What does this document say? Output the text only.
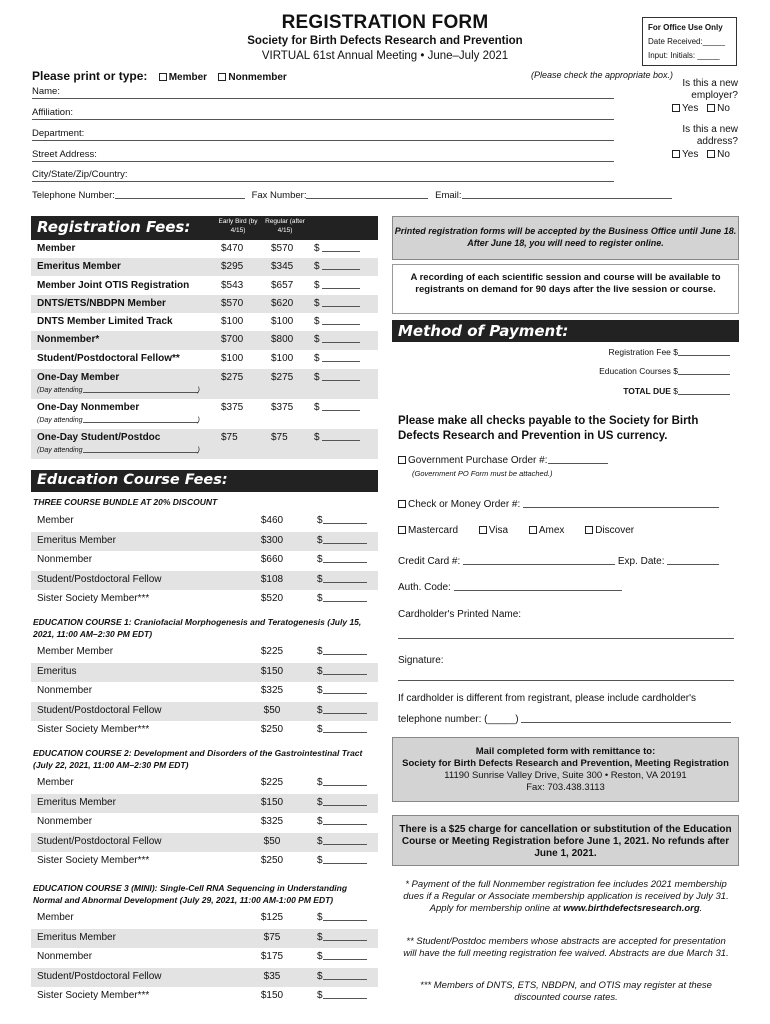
REGISTRATION FORM
Society for Birth Defects Research and Prevention
VIRTUAL 61st Annual Meeting • June–July 2021
For Office Use Only
Date Received:_____
Input: Initials: _____
Please print or type: Member Nonmember	(Please check the appropriate box.)
Name:
Affiliation:
Department:
Street Address:
City/State/Zip/Country:
Telephone Number:	Fax Number:	Email:
Is this a new employer?
Yes No
Is this a new address?
Yes No
Registration Fees:	Early Bird (by 4/15)
Regular (after 4/15)
Member	$470	$570	$
Emeritus Member	$295	$345	$
Member Joint OTIS Registration	$543	$657	$
DNTS/ETS/NBDPN Member	$570	$620	$
DNTS Member Limited Track	$100	$100	$
Nonmember*	$700	$800	$
Student/Postdoctoral Fellow**	$100	$100	$
One-Day Member	$275	$275	$
(Day attending	)
One-Day Nonmember	$375	$375	$
(Day attending	)
One-Day Student/Postdoc	$75	$75	$
(Day attending	)
Education Course Fees:
THREE COURSE BUNDLE AT 20% DISCOUNT
EDUCATION COURSE 1: Craniofacial Morphogenesis and Teratogenesis (July 15, 2021, 11:00 AM–2:30 PM EDT)
EDUCATION COURSE 2: Development and Disorders of the Gastrointestinal Tract (July 22, 2021, 11:00 AM–2:30 PM EDT)
EDUCATION COURSE 3 (MINI): Single-Cell RNA Sequencing in Understanding Normal and Abnormal Development (July 29, 2021, 11:00 AM-1:00 PM EDT)
Member	$460	$
Emeritus Member	$300	$
Nonmember	$660	$
Student/Postdoctoral Fellow	$108	$
Sister Society Member***	$520	$
Member Member	$225	$
Emeritus	$150	$
Nonmember	$325	$
Student/Postdoctoral Fellow	$50	$
Sister Society Member***	$250	$
Member	$225	$
Emeritus Member	$150	$
Nonmember	$325	$
Student/Postdoctoral Fellow	$50	$
Sister Society Member***	$250	$
Member	$125	$
Emeritus Member	$75	$
Nonmember	$175	$
Student/Postdoctoral Fellow	$35	$
Sister Society Member***	$150	$
Printed registration forms will be accepted by the Business Office until June 18. After June 18, you will need to register online.
A recording of each scientific session and course will be available to registrants on demand for 90 days after the live session or course.
Method of Payment:
Registration Fee $
Education Courses $
TOTAL DUE $
Please make all checks payable to the Society for Birth Defects Research and Prevention in US currency.
Government Purchase Order #:
(Government PO Form must be attached.)
Check or Money Order #:
Mastercard	Visa	Amex	Discover
Credit Card #:	Exp. Date:
Auth. Code:
Cardholder's Printed Name:
Signature:
If cardholder is different from registrant, please include cardholder's
telephone number: (_____)
Mail completed form with remittance to:
Society for Birth Defects Research and Prevention, Meeting Registration
11190 Sunrise Valley Drive, Suite 300 • Reston, VA 20191
Fax: 703.438.3113
There is a $25 charge for cancellation or substitution of the Education Course or Meeting Registration before June 1, 2021. No refunds after June 1, 2021.
* Payment of the full Nonmember registration fee includes 2021 membership dues if a Regular or Associate membership application is received by July 31. Apply for membership online at www.birthdefectsresearch.org.
** Student/Postdoc members whose abstracts are accepted for presentation will have the full meeting registration fee waived. Abstracts are due March 31.
*** Members of DNTS, ETS, NBDPN, and OTIS may register at these discounted course rates.
